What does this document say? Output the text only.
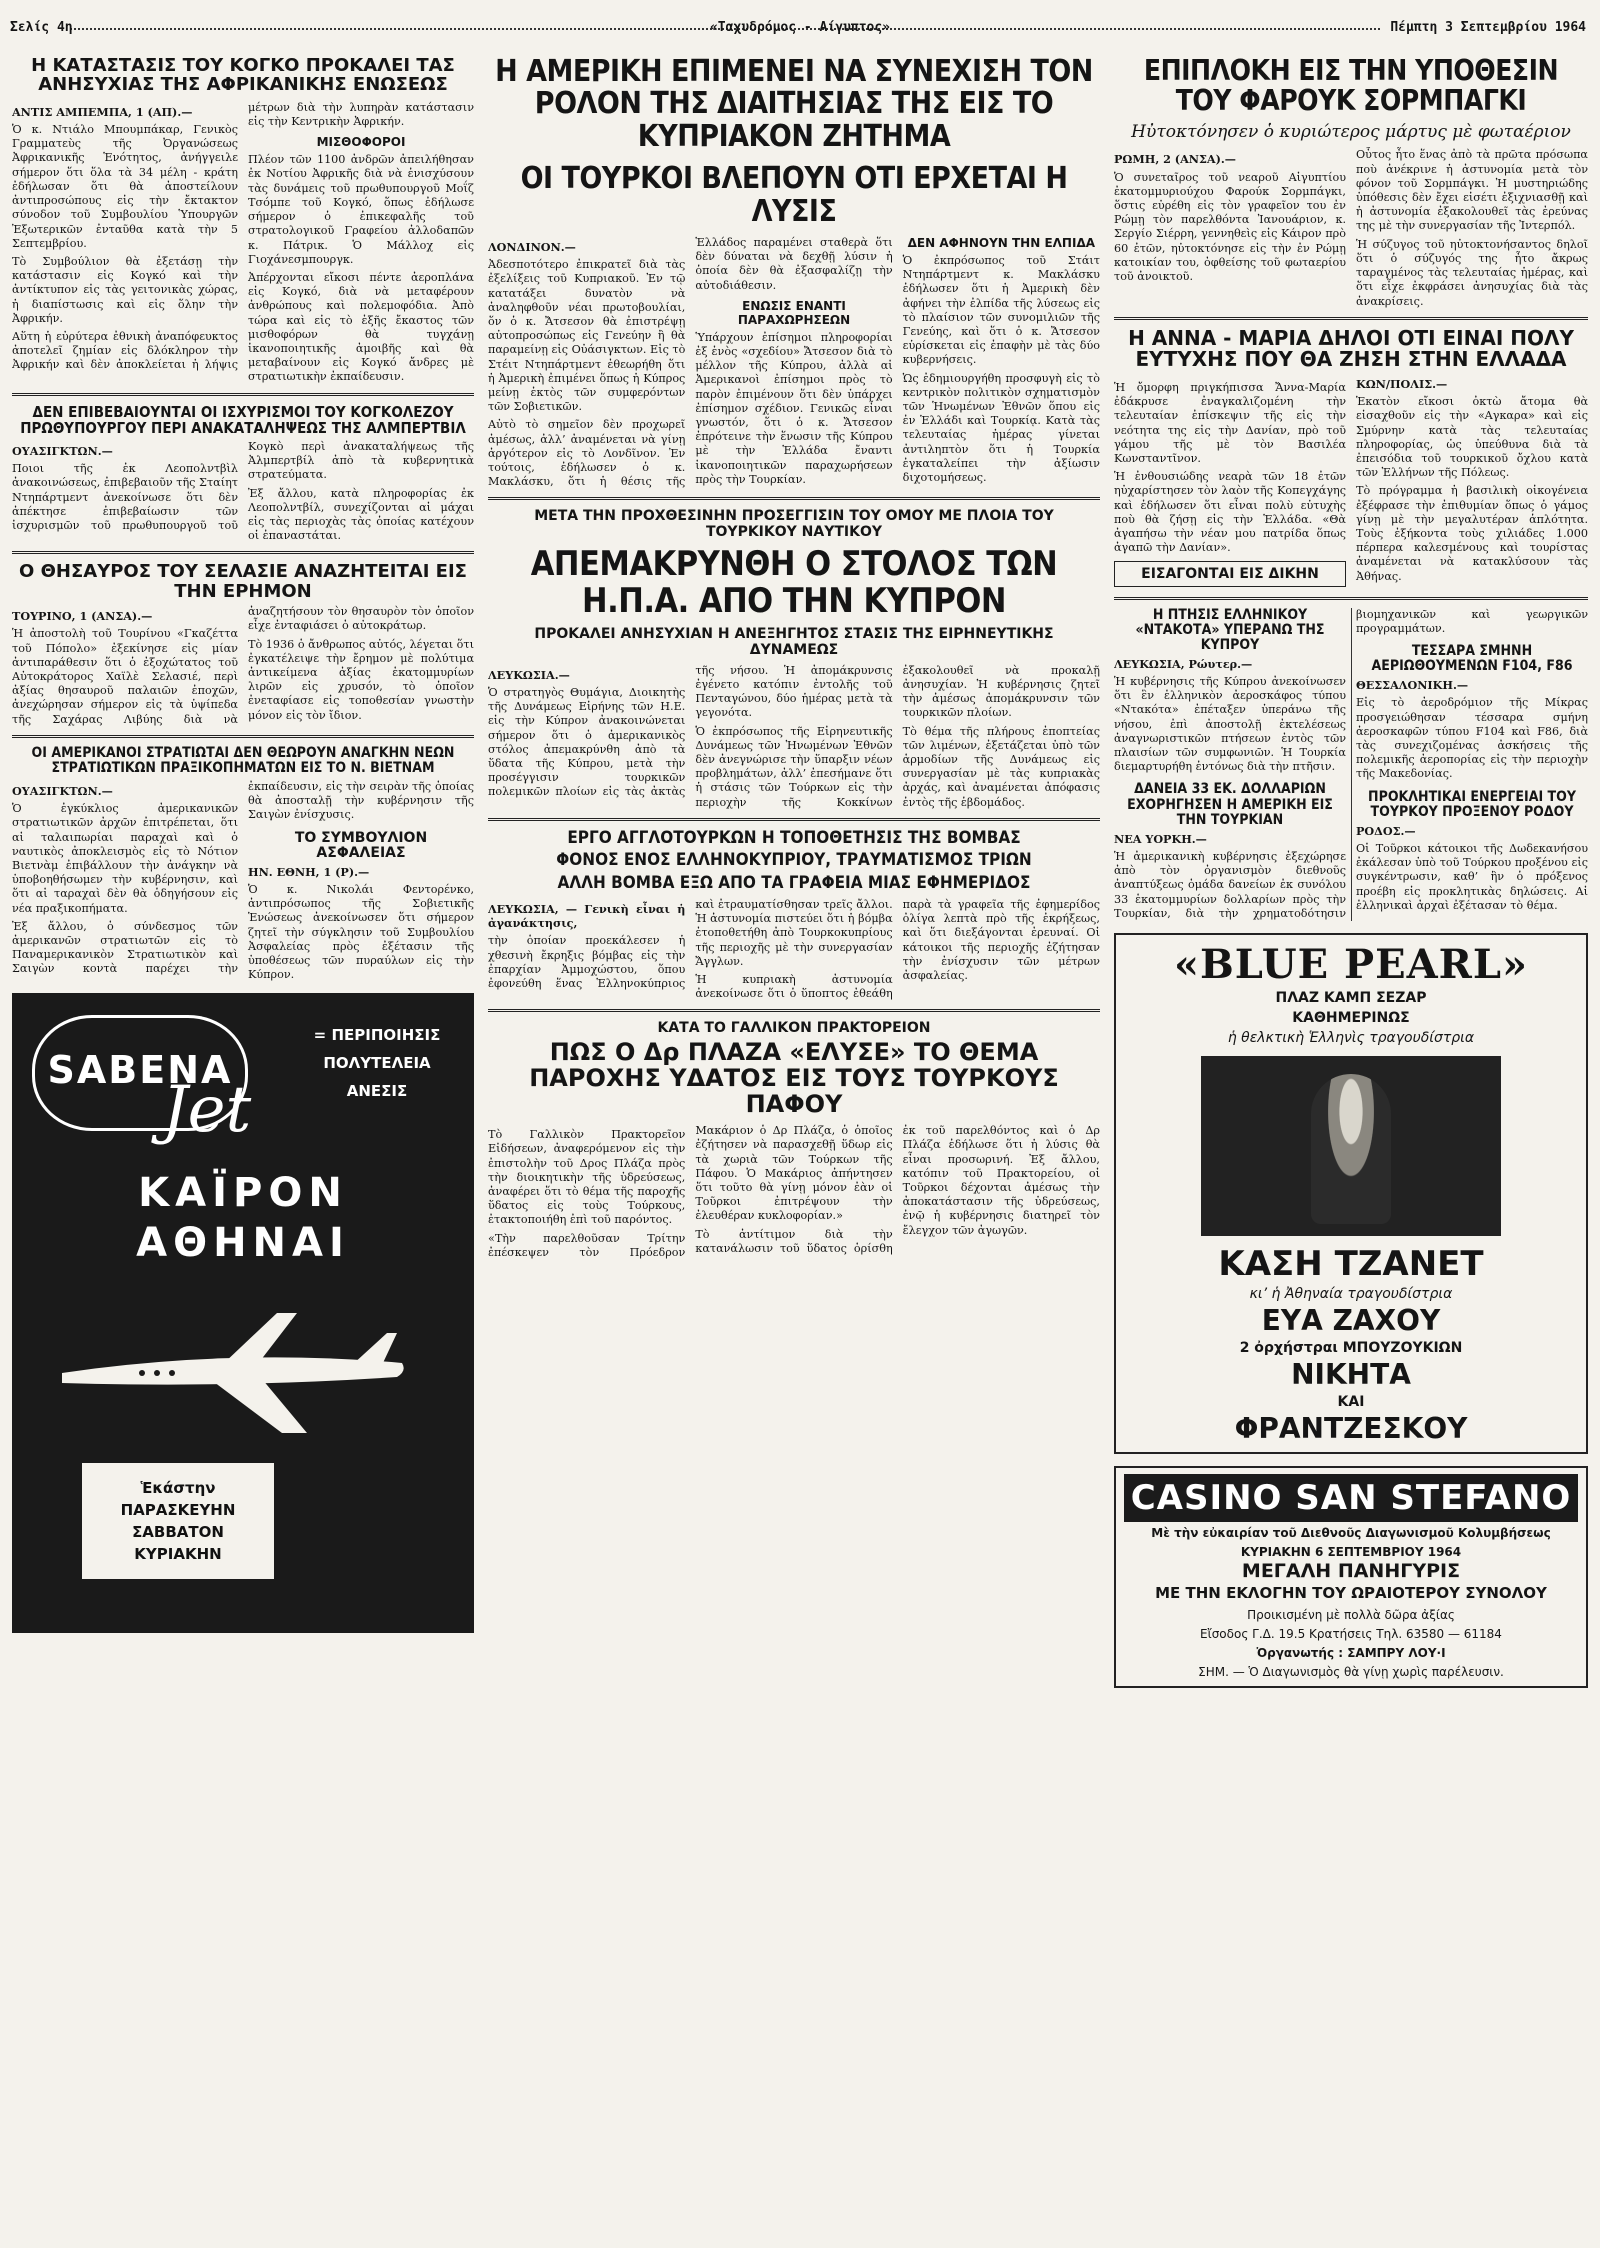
Σελίς 4η	«Ταχυδρόμος - Αίγυπτος»	Πέμπτη 3 Σεπτεμβρίου 1964
Η ΚΑΤΑΣΤΑΣΙΣ ΤΟΥ ΚΟΓΚΟ ΠΡΟΚΑΛΕΙ ΤΑΣ ΑΝΗΣΥΧΙΑΣ ΤΗΣ ΑΦΡΙΚΑΝΙΚΗΣ ΕΝΩΣΕΩΣ

ΑΝΤΙΣ ΑΜΠΕΜΠΑ, 1 (ΑΠ).—

Ὁ κ. Ντιάλο Μπουμπάκαρ, Γενικὸς Γραμματεὺς τῆς Ὀργανώσεως Ἀφρικανικῆς Ἑνότητος, ἀνήγγειλε σήμερον ὅτι ὅλα τὰ 34 μέλη - κράτη ἐδήλωσαν ὅτι θὰ ἀποστείλουν ἀντιπροσώπους εἰς τὴν ἔκτακτον σύνοδον τοῦ Συμβουλίου Ὑπουργῶν Ἐξωτερικῶν ἐνταῦθα κατὰ τὴν 5 Σεπτεμβρίου.

Τὸ Συμβούλιον θὰ ἐξετάσῃ τὴν κατάστασιν εἰς Κογκό καὶ τὴν ἀντίκτυπον εἰς τὰς γειτονικὰς χώρας, ἡ διαπίστωσις καὶ εἰς ὅλην τὴν Ἀφρικήν.

Αὕτη ἡ εὐρύτερα ἐθνικὴ ἀναπόφευκτος ἀποτελεῖ ζημίαν εἰς δλόκληρον τὴν Ἀφρικήν καὶ δὲν ἀποκλείεται ἡ λήψις μέτρων διὰ τὴν λυπηρὰν κατάστασιν εἰς τὴν Κεντρικὴν Ἀφρικήν.

ΜΙΣΘΟΦΟΡΟΙ

Πλέον τῶν 1100 ἀνδρῶν ἀπειλήθησαν ἐκ Νοτίου Ἀφρικῆς διὰ νὰ ἐνισχύσουν τὰς δυνάμεις τοῦ πρωθυπουργοῦ Μοΐζ Τσόμπε τοῦ Κογκό, ὅπως ἐδήλωσε σήμερον ὁ ἐπικεφαλῆς τοῦ στρατολογικοῦ Γραφείου ἀλλοδαπῶν κ. Πάτρικ. Ὁ Μάλλοχ εἰς Γιοχάνεσμπουργκ.

Ἀπέρχονται εἴκοσι πέντε ἀεροπλάνα εἰς Κογκό, διὰ νὰ μεταφέρουν ἀνθρώπους καὶ πολεμοφόδια. Ἀπὸ τώρα καὶ εἰς τὸ ἑξῆς ἔκαστος τῶν μισθοφόρων θὰ τυγχάνῃ ἱκανοποιητικῆς ἀμοιβῆς καὶ θὰ μεταβαίνουν εἰς Κογκό ἄνδρες μὲ στρατιωτικὴν ἐκπαίδευσιν.

ΔΕΝ ΕΠΙΒΕΒΑΙΟΥΝΤΑΙ ΟΙ ΙΣΧΥΡΙΣΜΟΙ ΤΟΥ ΚΟΓΚΟΛΕΖΟΥ ΠΡΩΘΥΠΟΥΡΓΟΥ ΠΕΡΙ ΑΝΑΚΑΤΑΛΗΨΕΩΣ ΤΗΣ ΑΛΜΠΕΡΤΒΙΛ

ΟΥΑΣΙΓΚΤΩΝ.—

Ποιοι τῆς ἐκ Λεοπολντβὶλ ἀνακοινώσεως, ἐπιβεβαιοῦν τῆς Σταίητ Ντηπάρτμεντ ἀνεκοίνωσε ὅτι δὲν ἀπέκτησε ἐπιβεβαίωσιν τῶν ἰσχυρισμῶν τοῦ πρωθυπουργοῦ τοῦ Κογκὸ περὶ ἀνακαταλήψεως τῆς Ἀλμπερτβίλ ἀπὸ τὰ κυβερνητικὰ στρατεύματα.

Ἐξ ἄλλου, κατὰ πληροφορίας ἐκ Λεοπολντβίλ, συνεχίζονται αἱ μάχαι εἰς τὰς περιοχὰς τὰς ὁποίας κατέχουν οἱ ἐπαναστάται.

Ο ΘΗΣΑΥΡΟΣ ΤΟΥ ΣΕΛΑΣΙΕ ΑΝΑΖΗΤΕΙΤΑΙ ΕΙΣ ΤΗΝ ΕΡΗΜΟΝ

ΤΟΥΡΙΝΟ, 1 (ΑΝΣΑ).—

Ἡ ἀποστολὴ τοῦ Τουρίνου «Γκαζέττα τοῦ Πόπολο» ἐξεκίνησε εἰς μίαν ἀντιπαράθεσιν ὅτι ὁ ἐξοχώτατος τοῦ Αὐτοκράτορος Χαϊλὲ Σελασιέ, περὶ ἀξίας θησαυροῦ παλαιῶν ἐποχῶν, ἀνεχώρησαν σήμερον εἰς τὰ ὑψίπεδα τῆς Σαχάρας Λιβύης διὰ νὰ ἀναζητήσουν τὸν θησαυρὸν τὸν ὁποῖον εἶχε ἐνταφιάσει ὁ αὐτοκράτωρ.

Τὸ 1936 ὁ ἄνθρωπος αὐτός, λέγεται ὅτι ἐγκατέλειψε τὴν ἔρημον μὲ πολύτιμα ἀντικείμενα ἀξίας ἑκατομμυρίων λιρῶν εἰς χρυσόν, τὸ ὁποῖον ἐνεταφίασε εἰς τοποθεσίαν γνωστὴν μόνον εἰς τὸν ἴδιον.

ΟΙ ΑΜΕΡΙΚΑΝΟΙ ΣΤΡΑΤΙΩΤΑΙ ΔΕΝ ΘΕΩΡΟΥΝ ΑΝΑΓΚΗΝ ΝΕΩΝ ΣΤΡΑΤΙΩΤΙΚΩΝ ΠΡΑΞΙΚΟΠΗΜΑΤΩΝ ΕΙΣ ΤΟ Ν. ΒΙΕΤΝΑΜ

ΟΥΑΣΙΓΚΤΩΝ.—

Ὁ ἐγκύκλιος ἀμερικανικῶν στρατιωτικῶν ἀρχῶν ἐπιτρέπεται, ὅτι αἱ ταλαιπωρίαι παραχαὶ καὶ ὁ ναυτικὸς ἀποκλεισμὸς εἰς τὸ Νότιον Βιετνὰμ ἐπιβάλλουν τὴν ἀνάγκην νὰ ὑποβοηθήσωμεν τὴν κυβέρνησιν, καὶ ὅτι αἱ ταραχαὶ δὲν θὰ ὁδηγήσουν εἰς νέα πραξικοπήματα.

Ἐξ ἄλλου, ὁ σύνδεσμος τῶν ἀμερικανῶν στρατιωτῶν εἰς τὸ Παναμερικανικὸν Στρατιωτικὸν καὶ Σαιγὼν κοντὰ παρέχει τὴν ἐκπαίδευσιν, εἰς τὴν σειρὰν τῆς ὁποίας θὰ ἀποσταλῇ τὴν κυβέρνησιν τῆς Σαιγὼν ἐνίσχυσις.

ΤΟ ΣΥΜΒΟΥΛΙΟΝ ΑΣΦΑΛΕΙΑΣ

ΗΝ. ΕΘΝΗ, 1 (Ρ).—

Ὁ κ. Νικολάι Φεντορένκο, ἀντιπρόσωπος τῆς Σοβιετικῆς Ἑνώσεως ἀνεκοίνωσεν ὅτι σήμερον ζητεῖ τὴν σύγκλησιν τοῦ Συμβουλίου Ἀσφαλείας πρὸς ἐξέτασιν τῆς ὑποθέσεως τῶν πυραύλων εἰς τὴν Κύπρον.

SABENA
Jet
= ΠΕΡΙΠΟΙΗΣΙΣ
ΠΟΛΥΤΕΛΕΙΑ
ΑΝΕΣΙΣ
ΚΑΪΡΟΝ
ΑΘΗΝΑΙ
Ἑκάστην
ΠΑΡΑΣΚΕΥΗΝ
ΣΑΒΒΑΤΟΝ
ΚΥΡΙΑΚΗΝ
Η ΑΜΕΡΙΚΗ ΕΠΙΜΕΝΕΙ ΝΑ ΣΥΝΕΧΙΣΗ ΤΟΝ ΡΟΛΟΝ ΤΗΣ ΔΙΑΙΤΗΣΙΑΣ ΤΗΣ ΕΙΣ ΤΟ ΚΥΠΡΙΑΚΟΝ ΖΗΤΗΜΑ
ΟΙ ΤΟΥΡΚΟΙ ΒΛΕΠΟΥΝ ΟΤΙ ΕΡΧΕΤΑΙ Η ΛΥΣΙΣ

ΛΟΝΔΙΝΟΝ.—

Ἀδεσποτότερο ἐπικρατεῖ διὰ τὰς ἐξελίξεις τοῦ Κυπριακοῦ. Ἐν τῷ κατατάξει δυνατὸν νὰ ἀναληφθοῦν νέαι πρωτοβουλίαι, ὅν ὁ κ. Ἄτσεσον θὰ ἐπιστρέψῃ αὐτοπροσώπως εἰς Γενεύην ἢ θὰ παραμείνῃ εἰς Οὐάσιγκτων. Εἰς τὸ Στέιτ Ντηπάρτμεντ ἐθεωρήθη ὅτι ἡ Ἀμερικὴ ἐπιμένει ὅπως ἡ Κύπρος μείνῃ ἐκτὸς τῶν συμφερόντων τῶν Σοβιετικῶν.

Αὐτὸ τὸ σημεῖον δὲν προχωρεῖ ἀμέσως, ἀλλ’ ἀναμένεται νὰ γίνῃ ἀργότερον εἰς τὸ Λονδῖνον. Ἐν τούτοις, ἐδήλωσεν ὁ κ. Μακλάσκυ, ὅτι ἡ θέσις τῆς Ἑλλάδος παραμένει σταθερὰ ὅτι δὲν δύναται νὰ δεχθῇ λύσιν ἡ ὁποία δὲν θὰ ἐξασφαλίζῃ τὴν αὐτοδιάθεσιν.

ΕΝΩΣΙΣ ΕΝΑΝΤΙ ΠΑΡΑΧΩΡΗΣΕΩΝ

Ὑπάρχουν ἐπίσημοι πληροφορίαι ἐξ ἑνὸς «σχεδίου» Ἄτσεσον διὰ τὸ μέλλον τῆς Κύπρου, ἀλλὰ αἱ Ἀμερικανοὶ ἐπίσημοι πρὸς τὸ παρὸν ἐπιμένουν ὅτι δὲν ὑπάρχει ἐπίσημον σχέδιον. Γενικῶς εἶναι γνωστόν, ὅτι ὁ κ. Ἄτσεσον ἐπρότεινε τὴν ἕνωσιν τῆς Κύπρου μὲ τὴν Ἑλλάδα ἔναντι ἱκανοποιητικῶν παραχωρήσεων πρὸς τὴν Τουρκίαν.

ΔΕΝ ΑΦΗΝΟΥΝ ΤΗΝ ΕΛΠΙΔΑ

Ὁ ἐκπρόσωπος τοῦ Στάιτ Ντηπάρτμεντ κ. Μακλάσκυ ἐδήλωσεν ὅτι ἡ Ἀμερικὴ δὲν ἀφήνει τὴν ἐλπίδα τῆς λύσεως εἰς τὸ πλαίσιον τῶν συνομιλιῶν τῆς Γενεύης, καὶ ὅτι ὁ κ. Ἄτσεσον εὑρίσκεται εἰς ἐπαφὴν μὲ τὰς δύο κυβερνήσεις.

Ὡς ἐδημιουργήθη προσφυγὴ εἰς τὸ κεντρικὸν πολιτικὸν σχηματισμὸν τῶν Ἡνωμένων Ἐθνῶν ὅπου εἰς ἐν Ἑλλάδι καὶ Τουρκίᾳ. Κατὰ τὰς τελευταίας ἡμέρας γίνεται ἀντιληπτὸν ὅτι ἡ Τουρκία ἐγκαταλείπει τὴν ἀξίωσιν διχοτομήσεως.

ΜΕΤΑ ΤΗΝ ΠΡΟΧΘΕΣΙΝΗΝ ΠΡΟΣΕΓΓΙΣΙΝ ΤΟΥ ΟΜΟΥ ΜΕ ΠΛΟΙΑ ΤΟΥ ΤΟΥΡΚΙΚΟΥ ΝΑΥΤΙΚΟΥ
ΑΠΕΜΑΚΡΥΝΘΗ Ο ΣΤΟΛΟΣ ΤΩΝ Η.Π.Α. ΑΠΟ ΤΗΝ ΚΥΠΡΟΝ
ΠΡΟΚΑΛΕΙ ΑΝΗΣΥΧΙΑΝ Η ΑΝΕΞΗΓΗΤΟΣ ΣΤΑΣΙΣ ΤΗΣ ΕΙΡΗΝΕΥΤΙΚΗΣ ΔΥΝΑΜΕΩΣ

ΛΕΥΚΩΣΙΑ.—

Ὁ στρατηγὸς Θυμάγια, Διοικητὴς τῆς Δυνάμεως Εἰρήνης τῶν Η.Ε. εἰς τὴν Κύπρον ἀνακοινώνεται σήμερον ὅτι ὁ ἀμερικανικὸς στόλος ἀπεμακρύνθη ἀπὸ τὰ ὕδατα τῆς Κύπρου, μετὰ τὴν προσέγγισιν τουρκικῶν πολεμικῶν πλοίων εἰς τὰς ἀκτὰς τῆς νήσου. Ἡ ἀπομάκρυνσις ἐγένετο κατόπιν ἐντολῆς τοῦ Πενταγώνου, δύο ἡμέρας μετὰ τὰ γεγονότα.

Ὁ ἐκπρόσωπος τῆς Εἰρηνευτικῆς Δυνάμεως τῶν Ἡνωμένων Ἐθνῶν δὲν ἀνεγνώρισε τὴν ὕπαρξιν νέων προβλημάτων, ἀλλ’ ἐπεσήμανε ὅτι ἡ στάσις τῶν Τούρκων εἰς τὴν περιοχὴν τῆς Κοκκίνων ἐξακολουθεῖ νὰ προκαλῇ ἀνησυχίαν. Ἡ κυβέρνησις ζητεῖ τὴν ἀμέσως ἀπομάκρυνσιν τῶν τουρκικῶν πλοίων.

Τὸ θέμα τῆς πλήρους ἐποπτείας τῶν λιμένων, ἐξετάζεται ὑπὸ τῶν ἁρμοδίων τῆς Δυνάμεως εἰς συνεργασίαν μὲ τὰς κυπριακὰς ἀρχάς, καὶ ἀναμένεται ἀπόφασις ἐντὸς τῆς ἑβδομάδος.

ΕΡΓΟ ΑΓΓΛΟΤΟΥΡΚΩΝ Η ΤΟΠΟΘΕΤΗΣΙΣ ΤΗΣ ΒΟΜΒΑΣ
ΦΟΝΟΣ ΕΝΟΣ ΕΛΛΗΝΟΚΥΠΡΙΟΥ, ΤΡΑΥΜΑΤΙΣΜΟΣ ΤΡΙΩΝ
ΑΛΛΗ ΒΟΜΒΑ ΕΞΩ ΑΠΟ ΤΑ ΓΡΑΦΕΙΑ ΜΙΑΣ ΕΦΗΜΕΡΙΔΟΣ

ΛΕΥΚΩΣΙΑ, — Γενικὴ εἶναι ἡ ἀγανάκτησις,

τὴν ὁποίαν προεκάλεσεν ἡ χθεσινὴ ἔκρηξις βόμβας εἰς τὴν ἐπαρχίαν Ἀμμοχώστου, ὅπου ἐφονεύθη ἕνας Ἑλληνοκύπριος καὶ ἐτραυματίσθησαν τρεῖς ἄλλοι. Ἡ ἀστυνομία πιστεύει ὅτι ἡ βόμβα ἐτοποθετήθη ἀπὸ Τουρκοκυπρίους τῆς περιοχῆς μὲ τὴν συνεργασίαν Ἄγγλων.

Ἡ κυπριακὴ ἀστυνομία ἀνεκοίνωσε ὅτι ὁ ὕποπτος ἐθεάθη παρὰ τὰ γραφεῖα τῆς ἐφημερίδος ὀλίγα λεπτὰ πρὸ τῆς ἐκρήξεως, καὶ ὅτι διεξάγονται ἐρευναί. Οἱ κάτοικοι τῆς περιοχῆς ἐζήτησαν τὴν ἐνίσχυσιν τῶν μέτρων ἀσφαλείας.

ΚΑΤΑ ΤΟ ΓΑΛΛΙΚΟΝ ΠΡΑΚΤΟΡΕΙΟΝ
ΠΩΣ Ο Δρ ΠΛΑΖΑ «ΕΛΥΣΕ» ΤΟ ΘΕΜΑ ΠΑΡΟΧΗΣ ΥΔΑΤΟΣ ΕΙΣ ΤΟΥΣ ΤΟΥΡΚΟΥΣ ΠΑΦΟΥ

Τὸ Γαλλικὸν Πρακτορεῖον Εἰδήσεων, ἀναφερόμενον εἰς τὴν ἐπιστολὴν τοῦ Δρος Πλάζα πρὸς τὴν διοικητικὴν τῆς ὑδρεύσεως, ἀναφέρει ὅτι τὸ θέμα τῆς παροχῆς ὕδατος εἰς τοὺς Τούρκους, ἐτακτοποιήθη ἐπὶ τοῦ παρόντος.

«Τὴν παρελθοῦσαν Τρίτην ἐπέσκεψεν τὸν Πρόεδρον Μακάριον ὁ Δρ Πλάζα, ὁ ὁποῖος ἐζήτησεν νὰ παρασχεθῇ ὕδωρ εἰς τὰ χωριὰ τῶν Τούρκων τῆς Πάφου. Ὁ Μακάριος ἀπήντησεν ὅτι τοῦτο θὰ γίνῃ μόνον ἐὰν οἱ Τοῦρκοι ἐπιτρέψουν τὴν ἐλευθέραν κυκλοφορίαν.»

Τὸ ἀντίτιμον διὰ τὴν κατανάλωσιν τοῦ ὕδατος ὁρίσθη ἐκ τοῦ παρελθόντος καὶ ὁ Δρ Πλάζα ἐδήλωσε ὅτι ἡ λύσις θὰ εἶναι προσωρινή. Ἐξ ἄλλου, κατόπιν τοῦ Πρακτορείου, οἱ Τοῦρκοι δέχονται ἀμέσως τὴν ἀποκατάστασιν τῆς ὑδρεύσεως, ἐνῷ ἡ κυβέρνησις διατηρεῖ τὸν ἔλεγχον τῶν ἀγωγῶν.

ΕΠΙΠΛΟΚΗ ΕΙΣ ΤΗΝ ΥΠΟΘΕΣΙΝ ΤΟΥ ΦΑΡΟΥΚ ΣΟΡΜΠΑΓΚΙ
Ηὐτοκτόνησεν ὁ κυριώτερος μάρτυς μὲ φωταέριον

ΡΩΜΗ, 2 (ΑΝΣΑ).—

Ὁ συνεταῖρος τοῦ νεαροῦ Αἰγυπτίου ἐκατομμυριούχου Φαρούκ Σορμπάγκι, ὅστις εὑρέθη εἰς τὸν γραφεῖον του ἐν Ρώμῃ τὸν παρελθόντα Ἰανουάριον, κ. Σεργίο Σιέρρη, γεννηθεὶς εἰς Κάιρον πρὸ 60 ἐτῶν, ηὐτοκτόνησε εἰς τὴν ἐν Ρώμῃ κατοικίαν του, ὀφθείσης τοῦ φωταερίου τοῦ ἀνοικτοῦ.

Οὗτος ἦτο ἕνας ἀπὸ τὰ πρῶτα πρόσωπα ποὺ ἀνέκρινε ἡ ἀστυνομία μετὰ τὸν φόνον τοῦ Σορμπάγκι. Ἡ μυστηριώδης ὑπόθεσις δὲν ἔχει εἰσέτι ἐξιχνιασθῇ καὶ ἡ ἀστυνομία ἐξακολουθεῖ τὰς ἐρεύνας της μὲ τὴν συνεργασίαν τῆς Ἰντερπόλ.

Ἡ σύζυγος τοῦ ηὐτοκτονήσαντος δηλοῖ ὅτι ὁ σύζυγός της ἦτο ἄκρως ταραγμένος τὰς τελευταίας ἡμέρας, καὶ ὅτι εἶχε ἐκφράσει ἀνησυχίας διὰ τὰς ἀνακρίσεις.

Η ΑΝΝΑ - ΜΑΡΙΑ ΔΗΛΟΙ ΟΤΙ ΕΙΝΑΙ ΠΟΛΥ ΕΥΤΥΧΗΣ ΠΟΥ ΘΑ ΖΗΣΗ ΣΤΗΝ ΕΛΛΑΔΑ

Ἡ ὄμορφη πριγκήπισσα Ἄννα-Μαρία ἐδάκρυσε ἐναγκαλιζομένη τὴν τελευταίαν ἐπίσκεψιν τῆς εἰς τὴν νεότητα της εἰς τὴν Δανίαν, πρὸ τοῦ γάμου τῆς μὲ τὸν Βασιλέα Κωνσταντῖνον.

Ἡ ἐνθουσιώδης νεαρὰ τῶν 18 ἐτῶν ηὐχαρίστησεν τὸν λαὸν τῆς Κοπεγχάγης καὶ ἐδήλωσεν ὅτι εἶναι πολὺ εὐτυχὴς ποὺ θὰ ζήσῃ εἰς τὴν Ἑλλάδα. «Θὰ ἀγαπήσω τὴν νέαν μου πατρίδα ὅπως ἀγαπῶ τὴν Δανίαν».

ΕΙΣΑΓΟΝΤΑΙ ΕΙΣ ΔΙΚΗΝ

ΚΩΝ/ΠΟΛΙΣ.—

Ἑκατὸν εἴκοσι ὀκτὼ ἄτομα θὰ εἰσαχθοῦν εἰς τὴν «Αγκαρα» καὶ εἰς Σμύρνην κατὰ τὰς τελευταίας πληροφορίας, ὡς ὑπεύθυνα διὰ τὰ ἐπεισόδια τοῦ τουρκικοῦ ὄχλου κατὰ τῶν Ἑλλήνων τῆς Πόλεως.

Τὸ πρόγραμμα ἡ βασιλικὴ οἰκογένεια ἐξέφρασε τὴν ἐπιθυμίαν ὅπως ὁ γάμος γίνῃ μὲ τὴν μεγαλυτέραν ἁπλότητα. Τοὺς ἐξήκοντα τοὺς χιλιάδες 1.000 πέρπερα καλεσμένους καὶ τουρίστας ἀναμένεται νὰ κατακλύσουν τὰς Ἀθήνας.

Η ΠΤΗΣΙΣ ΕΛΛΗΝΙΚΟΥ «ΝΤΑΚΟΤΑ» ΥΠΕΡΑΝΩ ΤΗΣ ΚΥΠΡΟΥ

ΛΕΥΚΩΣΙΑ, Ρώυτερ.—

Ἡ κυβέρνησις τῆς Κύπρου ἀνεκοίνωσεν ὅτι ἓν ἑλληνικὸν ἀεροσκάφος τύπου «Ντακότα» ἐπέταξεν ὑπεράνω τῆς νήσου, ἐπὶ ἀποστολῇ ἐκτελέσεως ἀναγνωριστικῶν πτήσεων ἐντὸς τῶν πλαισίων τῶν συμφωνιῶν. Ἡ Τουρκία διεμαρτυρήθη ἐντόνως διὰ τὴν πτῆσιν.

ΔΑΝΕΙΑ 33 ΕΚ. ΔΟΛΛΑΡΙΩΝ ΕΧΟΡΗΓΗΣΕΝ Η ΑΜΕΡΙΚΗ ΕΙΣ ΤΗΝ ΤΟΥΡΚΙΑΝ

ΝΕΑ ΥΟΡΚΗ.—

Ἡ ἀμερικανικὴ κυβέρνησις ἐξεχώρησε ἀπὸ τὸν ὀργανισμὸν διεθνοῦς ἀναπτύξεως ὁμάδα δανείων ἐκ συνόλου 33 ἑκατομμυρίων δολλαρίων πρὸς τὴν Τουρκίαν, διὰ τὴν χρηματοδότησιν βιομηχανικῶν καὶ γεωργικῶν προγραμμάτων.

ΤΕΣΣΑΡΑ ΣΜΗΝΗ ΑΕΡΙΩΘΟΥΜΕΝΩΝ F104, F86

ΘΕΣΣΑΛΟΝΙΚΗ.—

Εἰς τὸ ἀεροδρόμιον τῆς Μίκρας προσγειώθησαν τέσσαρα σμήνη ἀεροσκαφῶν τύπου F104 καὶ F86, διὰ τὰς συνεχιζομένας ἀσκήσεις τῆς πολεμικῆς ἀεροπορίας εἰς τὴν περιοχὴν τῆς Μακεδονίας.

ΠΡΟΚΛΗΤΙΚΑΙ ΕΝΕΡΓΕΙΑΙ ΤΟΥ ΤΟΥΡΚΟΥ ΠΡΟΞΕΝΟΥ ΡΟΔΟΥ

ΡΟΔΟΣ.—

Οἱ Τοῦρκοι κάτοικοι τῆς Δωδεκανήσου ἐκάλεσαν ὑπὸ τοῦ Τούρκου προξένου εἰς συγκέντρωσιν, καθ’ ἣν ὁ πρόξενος προέβη εἰς προκλητικὰς δηλώσεις. Αἱ ἑλληνικαὶ ἀρχαὶ ἐξέτασαν τὸ θέμα.

«BLUE PEARL»
ΠΛΑΖ ΚΑΜΠ ΣΕΖΑΡ
ΚΑΘΗΜΕΡΙΝΩΣ
ἡ θελκτικὴ Ἑλληνὶς τραγουδίστρια
ΚΑΣΗ ΤΖΑΝΕΤ
κι’ ἡ Ἀθηναία τραγουδίστρια
ΕΥΑ ΖΑΧΟΥ
2 ὀρχήστραι ΜΠΟΥΖΟΥΚΙΩΝ
ΝΙΚΗΤΑ
ΚΑΙ
ΦΡΑΝΤΖΕΣΚΟΥ
CASINO SAN STEFANO
Μὲ τὴν εὐκαιρίαν τοῦ Διεθνοῦς Διαγωνισμοῦ Κολυμβήσεως
ΚΥΡΙΑΚΗΝ 6 ΣΕΠΤΕΜΒΡΙΟΥ 1964
ΜΕΓΑΛΗ ΠΑΝΗΓΥΡΙΣ
ΜΕ ΤΗΝ ΕΚΛΟΓΗΝ ΤΟΥ ΩΡΑΙΟΤΕΡΟΥ ΣΥΝΟΛΟΥ
Προικισμένη μὲ πολλὰ δῶρα ἀξίας
Εἴσοδος Γ.Δ. 19.5 Κρατήσεις Τηλ. 63580 — 61184
Ὀργανωτής : ΣΑΜΠΡΥ ΛΟΥ·Ι
ΣΗΜ. — Ὁ Διαγωνισμὸς θὰ γίνῃ χωρὶς παρέλευσιν.
